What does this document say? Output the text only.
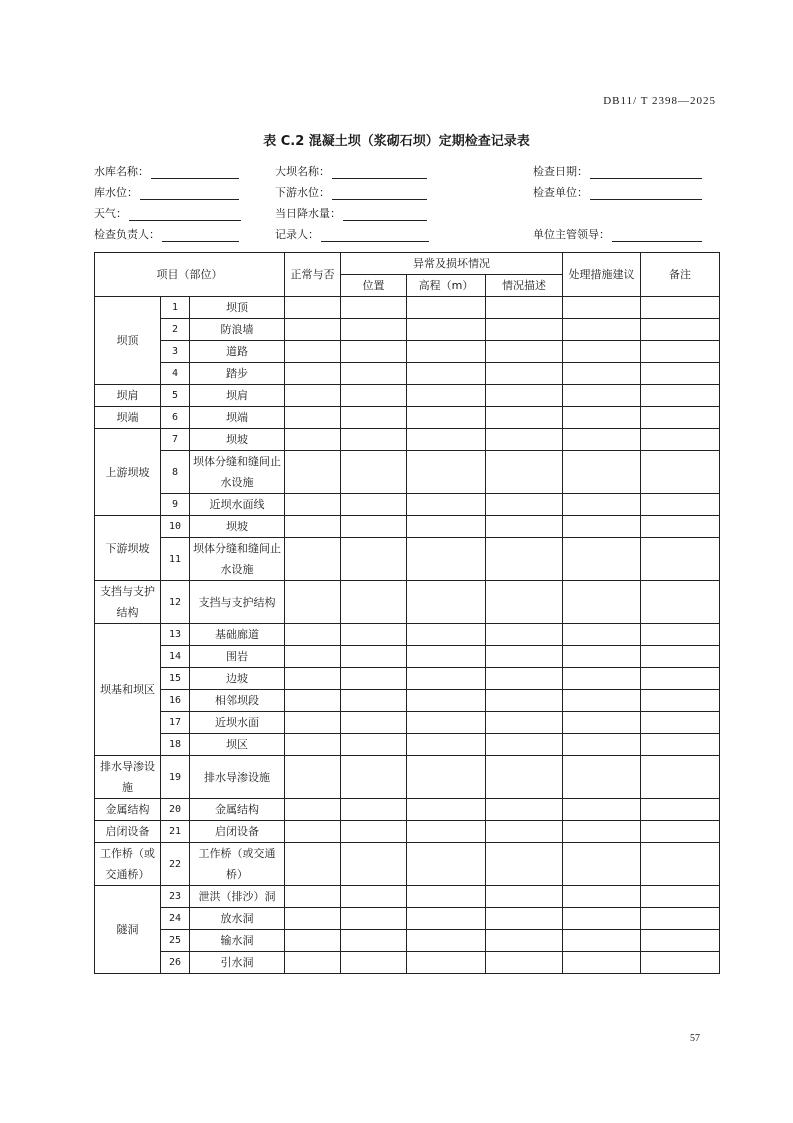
DB11/ T 2398—2025
表 C.2 混凝土坝（浆砌石坝）定期检查记录表
水库名称：	大坝名称：	检查日期：
库水位：	下游水位：	检查单位：
天气：	当日降水量：
检查负责人：	记录人：	单位主管领导：
项目（部位）			正常与否	异常及损坏情况			处理措施建议	备注
				位置	高程（m）	情况描述		
坝顶	1	坝顶						
	2	防浪墙						
	3	道路						
	4	踏步						
坝肩	5	坝肩						
坝端	6	坝端						
上游坝坡	7	坝坡						
	8	坝体分缝和缝间止水设施						
	9	近坝水面线						
下游坝坡	10	坝坡						
	11	坝体分缝和缝间止水设施						
支挡与支护结构	12	支挡与支护结构						
坝基和坝区	13	基础廊道						
	14	围岩						
	15	边坡						
	16	相邻坝段						
	17	近坝水面						
	18	坝区						
排水导渗设施	19	排水导渗设施						
金属结构	20	金属结构						
启闭设备	21	启闭设备						
工作桥（或交通桥）	22	工作桥（或交通桥）						
隧洞	23	泄洪（排沙）洞						
	24	放水洞						
	25	输水洞						
	26	引水洞						
57
